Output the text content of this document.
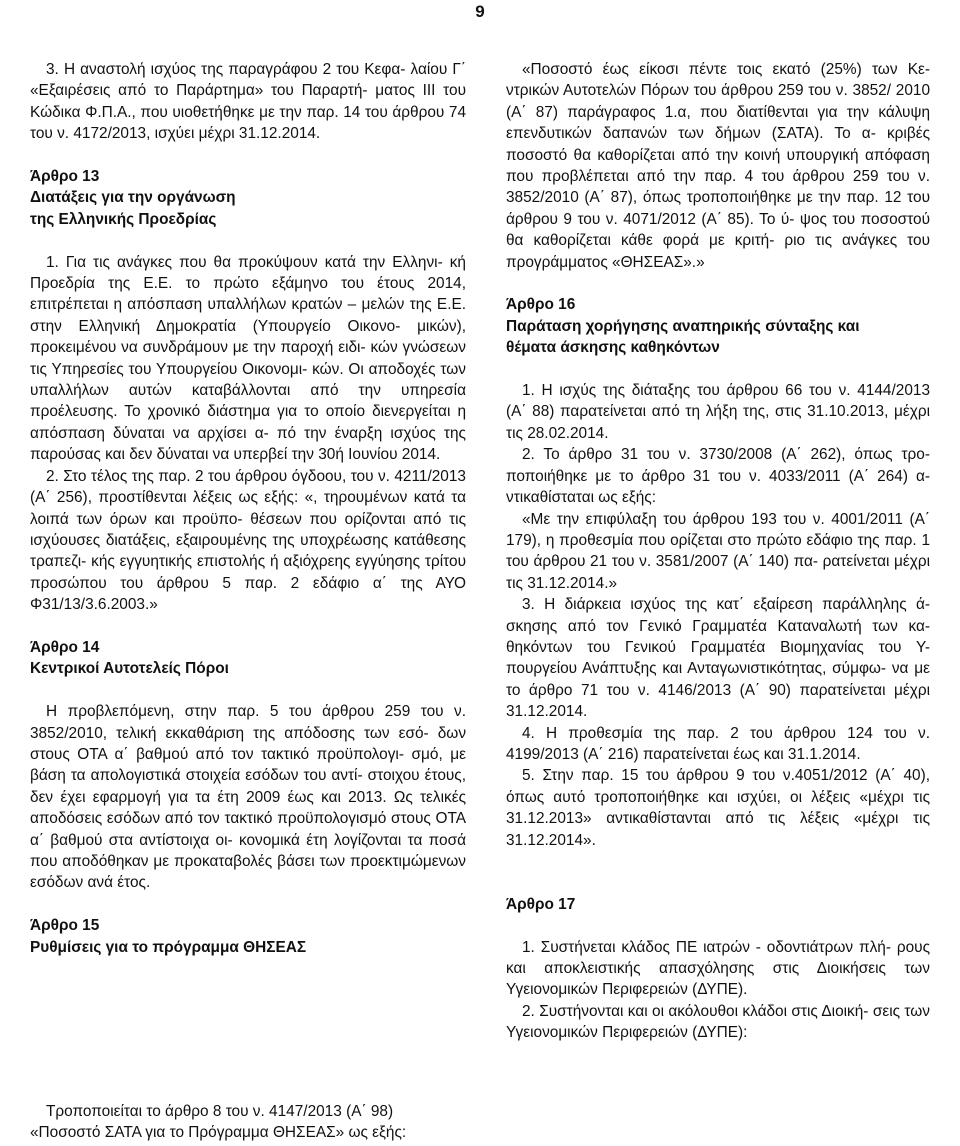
9

3. Η αναστολή ισχύος της παραγράφου 2 του Κεφα- λαίου Γ΄ «Εξαιρέσεις από το Παράρτημα» του Παραρτή- ματος ΙΙΙ του Κώδικα Φ.Π.Α., που υιοθετήθηκε με την παρ. 14 του άρθρου 74 του ν. 4172/2013, ισχύει μέχρι 31.12.2014.

Άρθρο 13

Διατάξεις για την οργάνωση

της Ελληνικής Προεδρίας

1. Για τις ανάγκες που θα προκύψουν κατά την Ελληνι- κή Προεδρία της Ε.Ε. το πρώτο εξάμηνο του έτους 2014, επιτρέπεται η απόσπαση υπαλλήλων κρατών – μελών της Ε.Ε. στην Ελληνική Δημοκρατία (Υπουργείο Οικονο- μικών), προκειμένου να συνδράμουν με την παροχή ειδι- κών γνώσεων τις Υπηρεσίες του Υπουργείου Οικονομι- κών. Οι αποδοχές των υπαλλήλων αυτών καταβάλλονται από την υπηρεσία προέλευσης. Το χρονικό διάστημα για το οποίο διενεργείται η απόσπαση δύναται να αρχίσει α- πό την έναρξη ισχύος της παρούσας και δεν δύναται να υπερβεί την 30ή Ιουνίου 2014.

2. Στο τέλος της παρ. 2 του άρθρου όγδοου, του ν. 4211/2013 (Α΄ 256), προστίθενται λέξεις ως εξής: «, τηρουμένων κατά τα λοιπά των όρων και προϋπο- θέσεων που ορίζονται από τις ισχύουσες διατάξεις, εξαιρουμένης της υποχρέωσης κατάθεσης τραπεζι- κής εγγυητικής επιστολής ή αξιόχρεης εγγύησης τρίτου προσώπου του άρθρου 5 παρ. 2 εδάφιο α΄ της ΑΥΟ Φ31/13/3.6.2003.»

Άρθρο 14

Κεντρικοί Αυτοτελείς Πόροι

Η προβλεπόμενη, στην παρ. 5 του άρθρου 259 του ν. 3852/2010, τελική εκκαθάριση της απόδοσης των εσό- δων στους ΟΤΑ α΄ βαθμού από τον τακτικό προϋπολογι- σμό, με βάση τα απολογιστικά στοιχεία εσόδων του αντί- στοιχου έτους, δεν έχει εφαρμογή για τα έτη 2009 έως και 2013. Ως τελικές αποδόσεις εσόδων από τον τακτικό προϋπολογισμό στους ΟΤΑ α΄ βαθμού στα αντίστοιχα οι- κονομικά έτη λογίζονται τα ποσά που αποδόθηκαν με προκαταβολές βάσει των προεκτιμώμενων εσόδων ανά έτος.

Άρθρο 15

Ρυθμίσεις για το πρόγραμμα ΘΗΣΕΑΣ

«Ποσοστό έως είκοσι πέντε τοις εκατό (25%) των Κε- ντρικών Αυτοτελών Πόρων του άρθρου 259 του ν. 3852/ 2010 (Α΄ 87) παράγραφος 1.α, που διατίθενται για την κάλυψη επενδυτικών δαπανών των δήμων (ΣΑΤΑ). Το α- κριβές ποσοστό θα καθορίζεται από την κοινή υπουργική απόφαση που προβλέπεται από την παρ. 4 του άρθρου 259 του ν. 3852/2010 (Α΄ 87), όπως τροποποιήθηκε με την παρ. 12 του άρθρου 9 του ν. 4071/2012 (Α΄ 85). Το ύ- ψος του ποσοστού θα καθορίζεται κάθε φορά με κριτή- ριο τις ανάγκες του προγράμματος «ΘΗΣΕΑΣ».»

Άρθρο 16

Παράταση χορήγησης αναπηρικής σύνταξης και

θέματα άσκησης καθηκόντων

1. Η ισχύς της διάταξης του άρθρου 66 του ν. 4144/2013 (Α΄ 88) παρατείνεται από τη λήξη της, στις 31.10.2013, μέχρι τις 28.02.2014.

2. Το άρθρο 31 του ν. 3730/2008 (Α΄ 262), όπως τρο- ποποιήθηκε με το άρθρο 31 του ν. 4033/2011 (Α΄ 264) α- ντικαθίσταται ως εξής:

«Με την επιφύλαξη του άρθρου 193 του ν. 4001/2011 (Α΄ 179), η προθεσμία που ορίζεται στο πρώτο εδάφιο της παρ. 1 του άρθρου 21 του ν. 3581/2007 (Α΄ 140) πα- ρατείνεται μέχρι τις 31.12.2014.»

3. Η διάρκεια ισχύος της κατ΄ εξαίρεση παράλληλης ά- σκησης από τον Γενικό Γραμματέα Καταναλωτή των κα- θηκόντων του Γενικού Γραμματέα Βιομηχανίας του Υ- πουργείου Ανάπτυξης και Ανταγωνιστικότητας, σύμφω- να με το άρθρο 71 του ν. 4146/2013 (Α΄ 90) παρατείνεται μέχρι 31.12.2014.

4. Η προθεσμία της παρ. 2 του άρθρου 124 του ν. 4199/2013 (Α΄ 216) παρατείνεται έως και 31.1.2014.

5. Στην παρ. 15 του άρθρου 9 του ν.4051/2012 (Α΄ 40), όπως αυτό τροποποιήθηκε και ισχύει, οι λέξεις «μέχρι τις 31.12.2013» αντικαθίστανται από τις λέξεις «μέχρι τις 31.12.2014».

Άρθρο 17

1. Συστήνεται κλάδος ΠΕ ιατρών - οδοντιάτρων πλή- ρους και αποκλειστικής απασχόλησης στις Διοικήσεις των Υγειονομικών Περιφερειών (ΔΥΠΕ).

2. Συστήνονται και οι ακόλουθοι κλάδοι στις Διοική- σεις των Υγειονομικών Περιφερειών (ΔΥΠΕ):

Τροποποιείται το άρθρο 8 του ν. 4147/2013 (Α΄ 98)

«Ποσοστό ΣΑΤΑ για το Πρόγραμμα ΘΗΣΕΑΣ» ως εξής:
